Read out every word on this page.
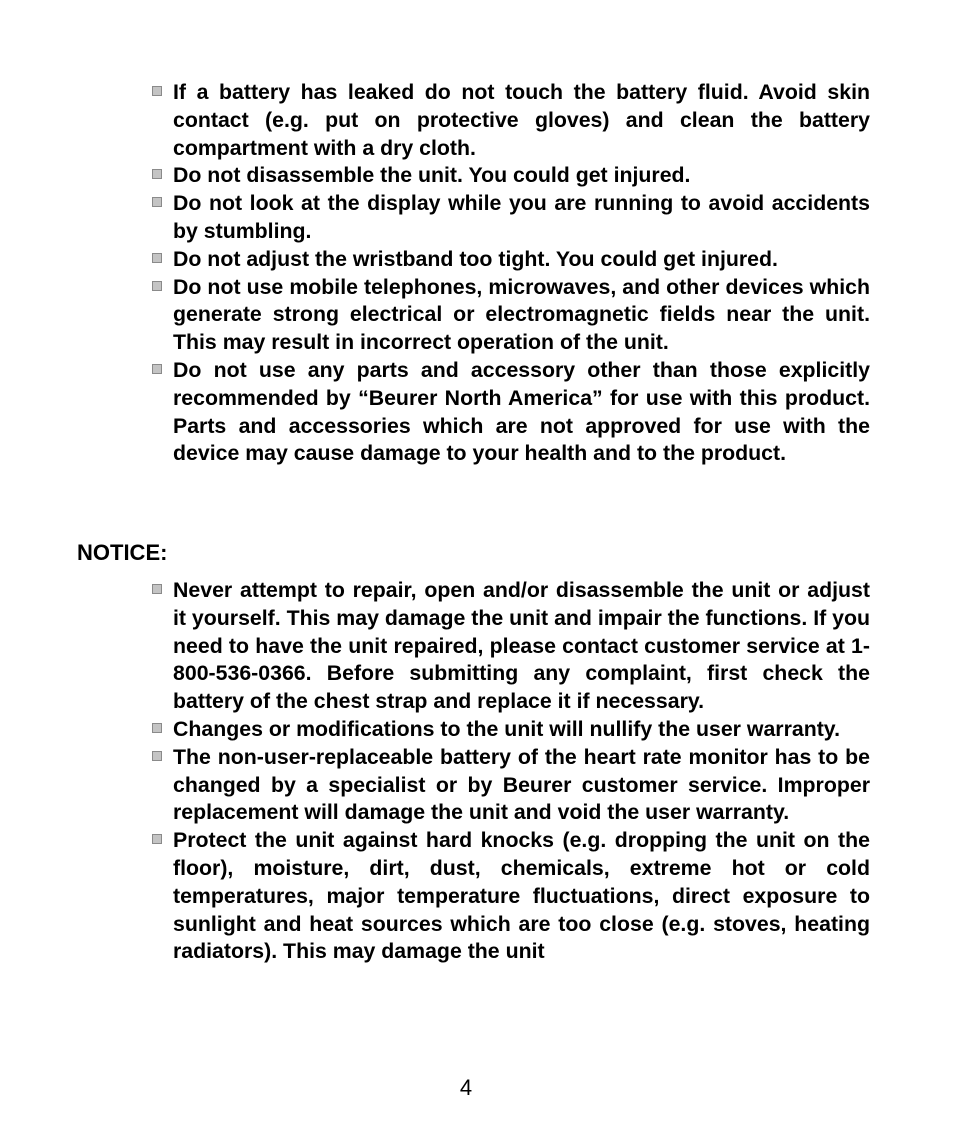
If a battery has leaked do not touch the battery fluid. Avoid skin contact (e.g. put on protective gloves) and clean the battery compartment with a dry cloth.
Do not disassemble the unit. You could get injured.
Do not look at the display while you are running to avoid accidents by stumbling.
Do not adjust the wristband too tight. You could get injured.
Do not use mobile telephones, microwaves, and other devices which generate strong electrical or electromagnetic fields near the unit. This may result in incorrect operation of the unit.
Do not use any parts and accessory other than those explicitly recommended by “Beurer North America” for use with this product. Parts and accessories which are not approved for use with the device may cause damage to your health and to the product.
NOTICE:
Never attempt to repair, open and/or disassemble the unit or adjust it yourself. This may damage the unit and impair the functions. If you need to have the unit repaired, please contact customer service at 1-800-536-0366. Before submitting any complaint, first check the battery of the chest strap and replace it if necessary.
Changes or modifications to the unit will nullify the user warranty.
The non-user-replaceable battery of the heart rate monitor has to be changed by a specialist or by Beurer customer service. Improper replacement will damage the unit and void the user warranty.
Protect the unit against hard knocks (e.g. dropping the unit on the floor), moisture, dirt, dust, chemicals, extreme hot or cold temperatures, major temperature fluctuations, direct exposure to sunlight and heat sources which are too close (e.g. stoves, heating radiators). This may damage the unit
4
